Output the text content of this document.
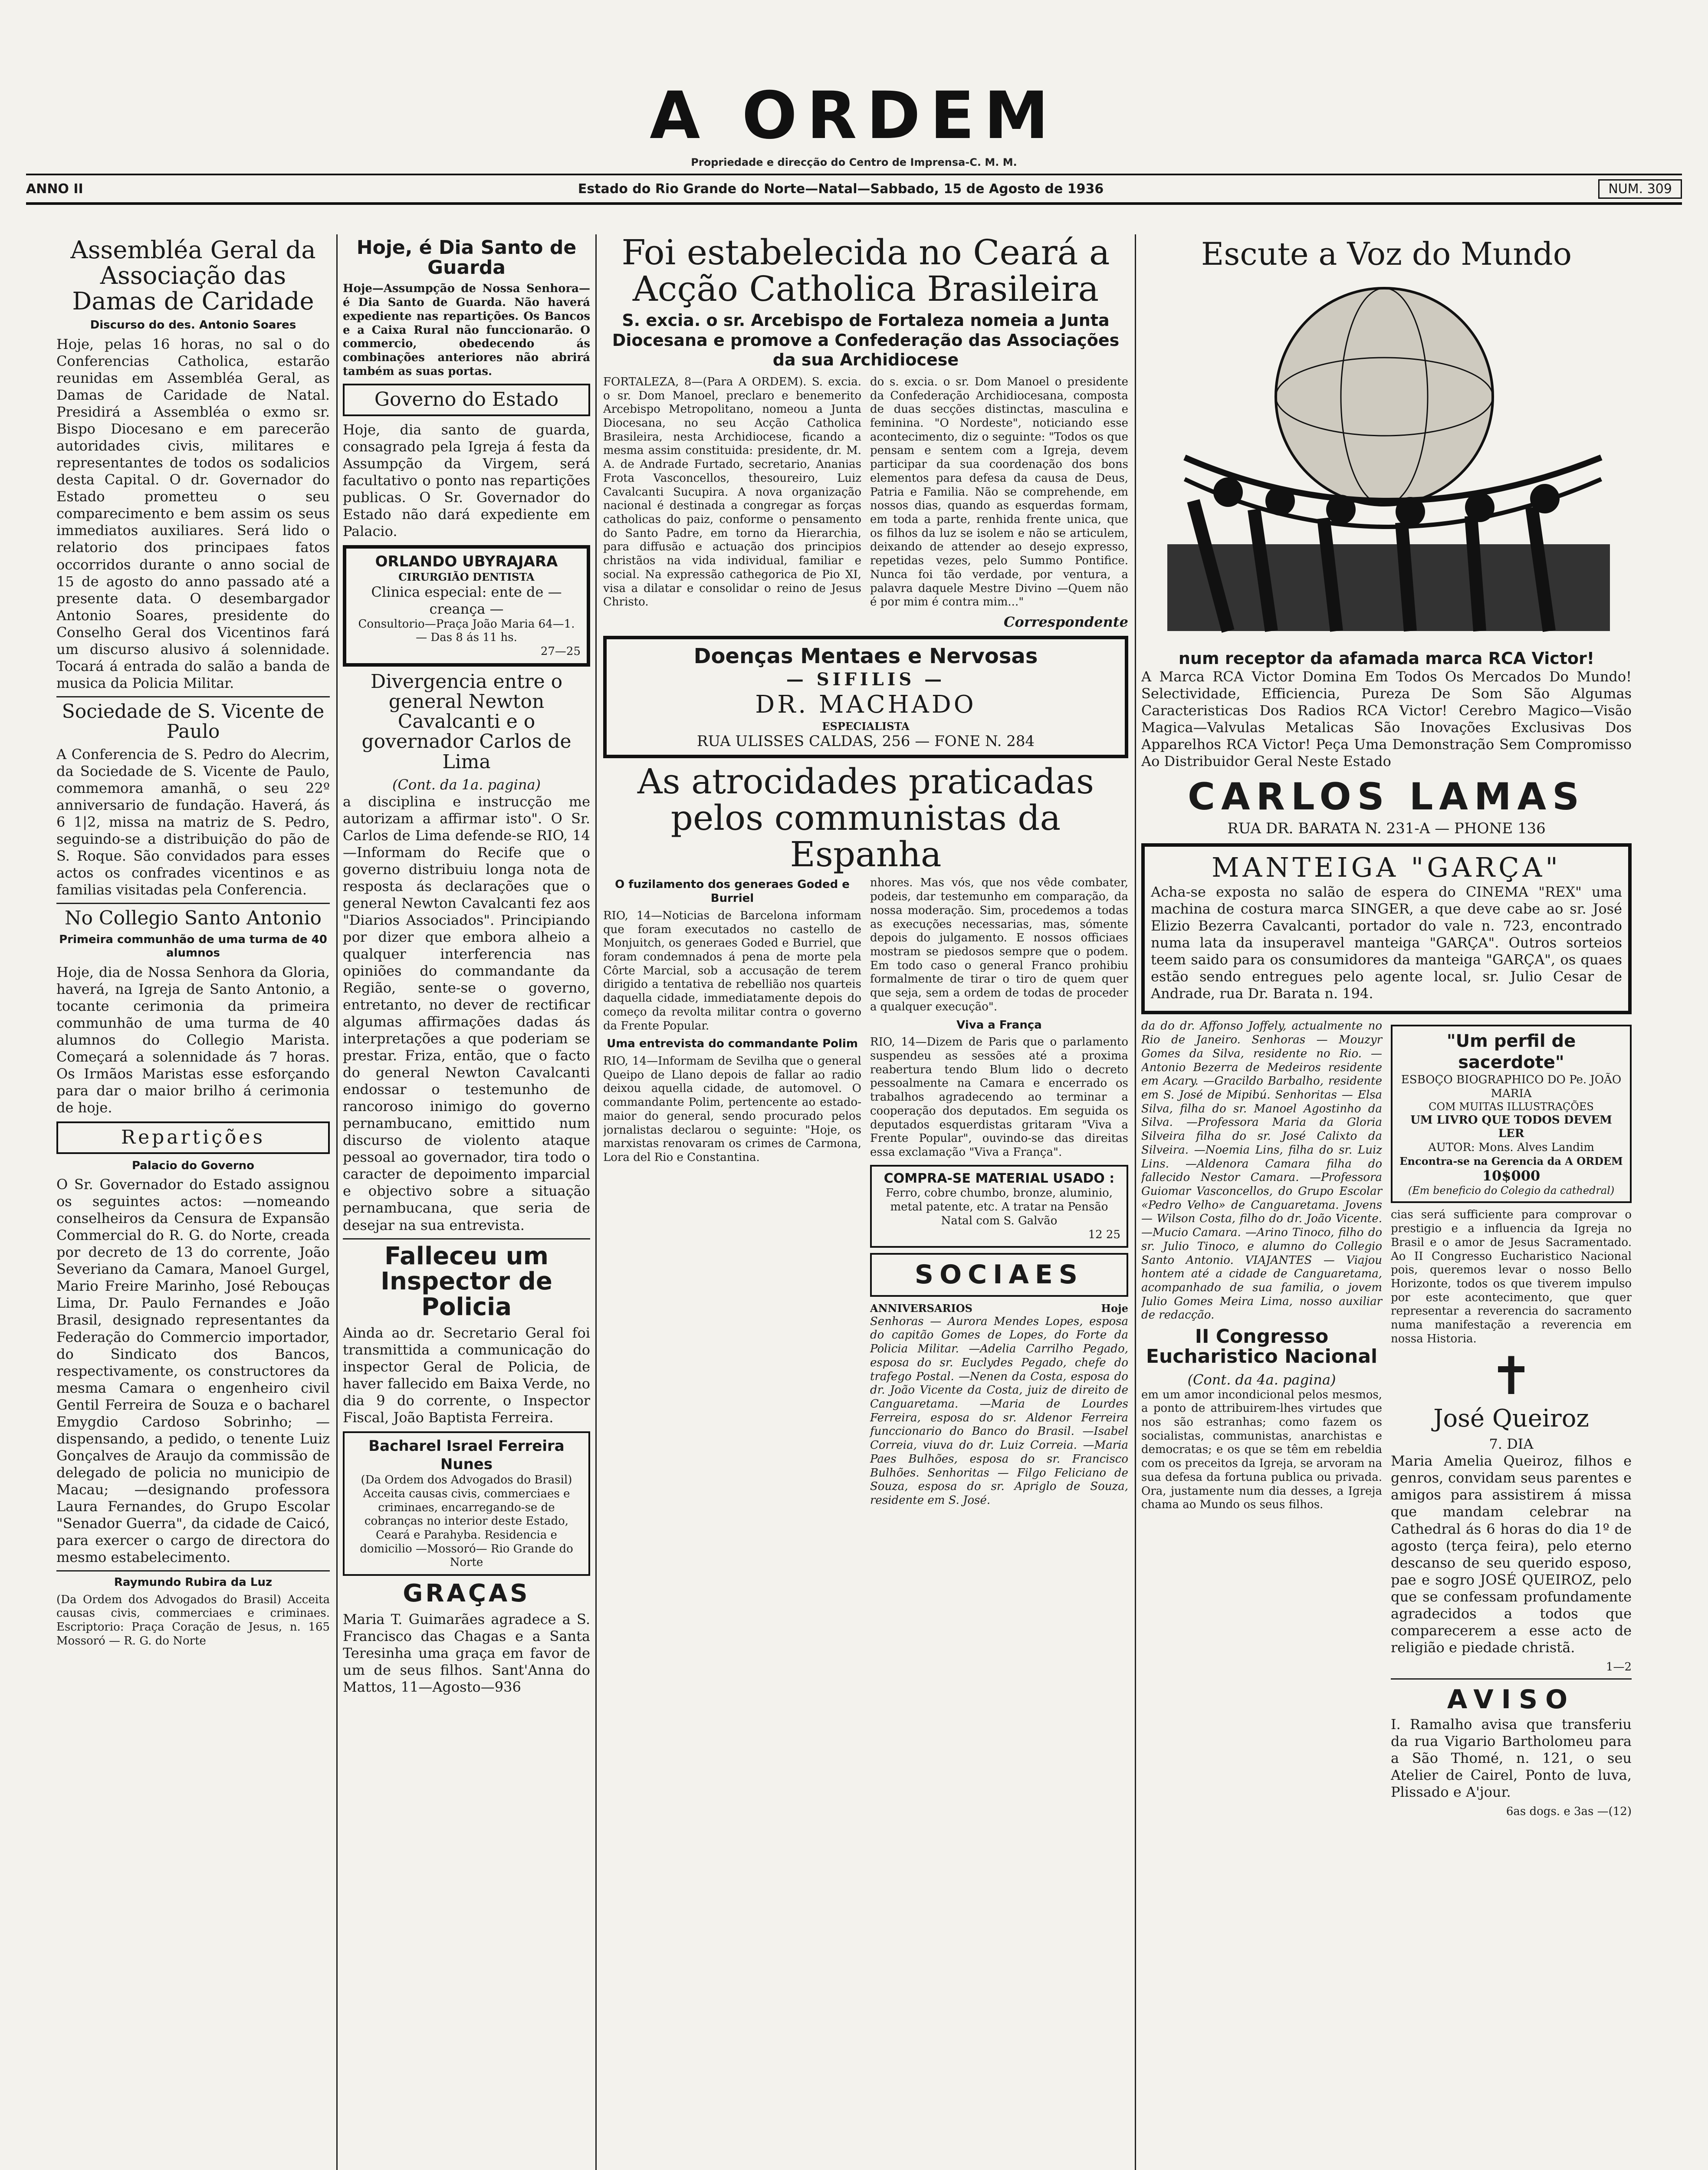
A ORDEM
Propriedade e direcção do Centro de Imprensa-C. M. M.
ANNO II	Estado do Rio Grande do Norte—Natal—Sabbado, 15 de Agosto de 1936	NUM. 309
Assembléa Geral da Associação das Damas de Caridade
Discurso do des. Antonio Soares

Hoje, pelas 16 horas, no sal o do Conferencias Catholica, estarão reunidas em Assembléa Geral, as Damas de Caridade de Natal. Presidirá a Assembléa o exmo sr. Bispo Diocesano e em parecerão autoridades civis, militares e representantes de todos os sodalicios desta Capital. O dr. Governador do Estado prometteu o seu comparecimento e bem assim os seus immediatos auxiliares. Será lido o relatorio dos principaes fatos occorridos durante o anno social de 15 de agosto do anno passado até a presente data. O desembargador Antonio Soares, presidente do Conselho Geral dos Vicentinos fará um discurso alusivo á solennidade. Tocará á entrada do salão a banda de musica da Policia Militar.

Sociedade de S. Vicente de Paulo

A Conferencia de S. Pedro do Alecrim, da Sociedade de S. Vicente de Paulo, commemora amanhã, o seu 22º anniversario de fundação. Haverá, ás 6 1|2, missa na matriz de S. Pedro, seguindo-se a distribuição do pão de S. Roque. São convidados para esses actos os confrades vicentinos e as familias visitadas pela Conferencia.

No Collegio Santo Antonio
Primeira communhão de uma turma de 40 alumnos

Hoje, dia de Nossa Senhora da Gloria, haverá, na Igreja de Santo Antonio, a tocante cerimonia da primeira communhão de uma turma de 40 alumnos do Collegio Marista. Começará a solennidade ás 7 horas. Os Irmãos Maristas esse esforçando para dar o maior brilho á cerimonia de hoje.

Repartições
Palacio do Governo

O Sr. Governador do Estado assignou os seguintes actos: —nomeando conselheiros da Censura de Expansão Commercial do R. G. do Norte, creada por decreto de 13 do corrente, João Severiano da Camara, Manoel Gurgel, Mario Freire Marinho, José Rebouças Lima, Dr. Paulo Fernandes e João Brasil, designado representantes da Federação do Commercio importador, do Sindicato dos Bancos, respectivamente, os constructores da mesma Camara o engenheiro civil Gentil Ferreira de Souza e o bacharel Emygdio Cardoso Sobrinho; —dispensando, a pedido, o tenente Luiz Gonçalves de Araujo da commissão de delegado de policia no municipio de Macau; —designando professora Laura Fernandes, do Grupo Escolar "Senador Guerra", da cidade de Caicó, para exercer o cargo de directora do mesmo estabelecimento.

Raymundo Rubira da Luz

(Da Ordem dos Advogados do Brasil) Acceita causas civis, commerciaes e criminaes. Escriptorio: Praça Coração de Jesus, n. 165 Mossoró — R. G. do Norte

Hoje, é Dia Santo de Guarda

Hoje—Assumpção de Nossa Senhora—é Dia Santo de Guarda. Não haverá expediente nas repartições. Os Bancos e a Caixa Rural não funccionarão. O commercio, obedecendo ás combinações anteriores não abrirá também as suas portas.

Governo do Estado

Hoje, dia santo de guarda, consagrado pela Igreja á festa da Assumpção da Virgem, será facultativo o ponto nas repartições publicas. O Sr. Governador do Estado não dará expediente em Palacio.

ORLANDO UBYRAJARA
CIRURGIÃO DENTISTA
Clinica especial: ente de — creança —
Consultorio—Praça João Maria 64—1. — Das 8 ás 11 hs.
27—25
Divergencia entre o general Newton Cavalcanti e o governador Carlos de Lima
(Cont. da 1a. pagina)

a disciplina e instrucção me autorizam a affirmar isto". O Sr. Carlos de Lima defende-se RIO, 14—Informam do Recife que o governo distribuiu longa nota de resposta ás declarações que o general Newton Cavalcanti fez aos "Diarios Associados". Principiando por dizer que embora alheio a qualquer interferencia nas opiniões do commandante da Região, sente-se o governo, entretanto, no dever de rectificar algumas affirmações dadas ás interpretações a que poderiam se prestar. Friza, então, que o facto do general Newton Cavalcanti endossar o testemunho de rancoroso inimigo do governo pernambucano, emittido num discurso de violento ataque pessoal ao governador, tira todo o caracter de depoimento imparcial e objectivo sobre a situação pernambucana, que seria de desejar na sua entrevista.

Falleceu um Inspector de Policia

Ainda ao dr. Secretario Geral foi transmittida a communicação do inspector Geral de Policia, de haver fallecido em Baixa Verde, no dia 9 do corrente, o Inspector Fiscal, João Baptista Ferreira.

Bacharel Israel Ferreira Nunes
(Da Ordem dos Advogados do Brasil) Acceita causas civis, commerciaes e criminaes, encarregando-se de cobranças no interior deste Estado, Ceará e Parahyba. Residencia e domicilio —Mossoró— Rio Grande do Norte
GRAÇAS

Maria T. Guimarães agradece a S. Francisco das Chagas e a Santa Teresinha uma graça em favor de um de seus filhos. Sant'Anna do Mattos, 11—Agosto—936

Foi estabelecida no Ceará a Acção Catholica Brasileira
S. excia. o sr. Arcebispo de Fortaleza nomeia a Junta Diocesana e promove a Confederação das Associações da sua Archidiocese

FORTALEZA, 8—(Para A ORDEM). S. excia. o sr. Dom Manoel, preclaro e benemerito Arcebispo Metropolitano, nomeou a Junta Diocesana, no seu Acção Catholica Brasileira, nesta Archidiocese, ficando a mesma assim constituida: presidente, dr. M. A. de Andrade Furtado, secretario, Ananias Frota Vasconcellos, thesoureiro, Luiz Cavalcanti Sucupira. A nova organização nacional é destinada a congregar as forças catholicas do paiz, conforme o pensamento do Santo Padre, em torno da Hierarchia, para diffusão e actuação dos principios christãos na vida individual, familiar e social. Na expressão cathegorica de Pio XI, visa a dilatar e consolidar o reino de Jesus Christo.

do s. excia. o sr. Dom Manoel o presidente da Confederação Archidiocesana, composta de duas secções distinctas, masculina e feminina. "O Nordeste", noticiando esse acontecimento, diz o seguinte: "Todos os que pensam e sentem com a Igreja, devem participar da sua coordenação dos bons elementos para defesa da causa de Deus, Patria e Familia. Não se comprehende, em nossos dias, quando as esquerdas formam, em toda a parte, renhida frente unica, que os filhos da luz se isolem e não se articulem, deixando de attender ao desejo expresso, repetidas vezes, pelo Summo Pontifice. Nunca foi tão verdade, por ventura, a palavra daquele Mestre Divino —Quem não é por mim é contra mim..."

Correspondente
Doenças Mentaes e Nervosas
— SIFILIS —
DR. MACHADO
ESPECIALISTA
RUA ULISSES CALDAS, 256 — FONE N. 284
As atrocidades praticadas pelos communistas da Espanha
O fuzilamento dos generaes Goded e Burriel

RIO, 14—Noticias de Barcelona informam que foram executados no castello de Monjuitch, os generaes Goded e Burriel, que foram condemnados á pena de morte pela Côrte Marcial, sob a accusação de terem dirigido a tentativa de rebellião nos quarteis daquella cidade, immediatamente depois do começo da revolta militar contra o governo da Frente Popular.

Uma entrevista do commandante Polim

RIO, 14—Informam de Sevilha que o general Queipo de Llano depois de fallar ao radio deixou aquella cidade, de automovel. O commandante Polim, pertencente ao estado-maior do general, sendo procurado pelos jornalistas declarou o seguinte: "Hoje, os marxistas renovaram os crimes de Carmona, Lora del Rio e Constantina.

nhores. Mas vós, que nos vêde combater, podeis, dar testemunho em comparação, da nossa moderação. Sim, procedemos a todas as execuções necessarias, mas, sómente depois do julgamento. E nossos officiaes mostram se piedosos sempre que o podem. Em todo caso o general Franco prohibiu formalmente de tirar o tiro de quem quer que seja, sem a ordem de todas de proceder a qualquer execução".

Viva a França

RIO, 14—Dizem de Paris que o parlamento suspendeu as sessões até a proxima reabertura tendo Blum lido o decreto pessoalmente na Camara e encerrado os trabalhos agradecendo ao terminar a cooperação dos deputados. Em seguida os deputados esquerdistas gritaram "Viva a Frente Popular", ouvindo-se das direitas essa exclamação "Viva a França".

COMPRA-SE MATERIAL USADO :
Ferro, cobre chumbo, bronze, aluminio, metal patente, etc. A tratar na Pensão Natal com S. Galvão
12 25
SOCIAES
ANNIVERSARIOS	Hoje

Senhoras — Aurora Mendes Lopes, esposa do capitão Gomes de Lopes, do Forte da Policia Militar. —Adelia Carrilho Pegado, esposa do sr. Euclydes Pegado, chefe do trafego Postal. —Nenen da Costa, esposa do dr. João Vicente da Costa, juiz de direito de Canguaretama. —Maria de Lourdes Ferreira, esposa do sr. Aldenor Ferreira funccionario do Banco do Brasil. —Isabel Correia, viuva do dr. Luiz Correia. —Maria Paes Bulhões, esposa do sr. Francisco Bulhões. Senhoritas — Filgo Feliciano de Souza, esposa do sr. Apriglo de Souza, residente em S. José.

Escute a Voz do Mundo
num receptor da afamada marca RCA Victor!

A Marca RCA Victor Domina Em Todos Os Mercados Do Mundo! Selectividade, Efficiencia, Pureza De Som São Algumas Caracteristicas Dos Radios RCA Victor! Cerebro Magico—Visão Magica—Valvulas Metalicas São Inovações Exclusivas Dos Apparelhos RCA Victor! Peça Uma Demonstração Sem Compromisso Ao Distribuidor Geral Neste Estado

CARLOS LAMAS
RUA DR. BARATA N. 231-A — PHONE 136
MANTEIGA "GARÇA"

Acha-se exposta no salão de espera do CINEMA "REX" uma machina de costura marca SINGER, a que deve cabe ao sr. José Elizio Bezerra Cavalcanti, portador do vale n. 723, encontrado numa lata da insuperavel manteiga "GARÇA". Outros sorteios teem saido para os consumidores da manteiga "GARÇA", os quaes estão sendo entregues pelo agente local, sr. Julio Cesar de Andrade, rua Dr. Barata n. 194.

da do dr. Affonso Joffely, actualmente no Rio de Janeiro. Senhoras — Mouzyr Gomes da Silva, residente no Rio. —Antonio Bezerra de Medeiros residente em Acary. —Gracildo Barbalho, residente em S. José de Mipibú. Senhoritas — Elsa Silva, filha do sr. Manoel Agostinho da Silva. —Professora Maria da Gloria Silveira filha do sr. José Calixto da Silveira. —Noemia Lins, filha do sr. Luiz Lins. —Aldenora Camara filha do fallecido Nestor Camara. —Professora Guiomar Vasconcellos, do Grupo Escolar «Pedro Velho» de Canguaretama. Jovens — Wilson Costa, filho do dr. João Vicente. —Mucio Camara. —Arino Tinoco, filho do sr. Julio Tinoco, e alumno do Collegio Santo Antonio. VIAJANTES — Viajou hontem até a cidade de Canguaretama, acompanhado de sua familia, o jovem Julio Gomes Meira Lima, nosso auxiliar de redacção.

II Congresso Eucharistico Nacional
(Cont. da 4a. pagina)

em um amor incondicional pelos mesmos, a ponto de attribuirem-lhes virtudes que nos são estranhas; como fazem os socialistas, communistas, anarchistas e democratas; e os que se têm em rebeldia com os preceitos da Igreja, se arvoram na sua defesa da fortuna publica ou privada. Ora, justamente num dia desses, a Igreja chama ao Mundo os seus filhos.

"Um perfil de sacerdote"
ESBOÇO BIOGRAPHICO DO Pe. JOÃO MARIA
COM MUITAS ILLUSTRAÇÕES
UM LIVRO QUE TODOS DEVEM LER
AUTOR: Mons. Alves Landim
Encontra-se na Gerencia da A ORDEM
10$000
(Em beneficio do Colegio da cathedral)

cias será sufficiente para comprovar o prestigio e a influencia da Igreja no Brasil e o amor de Jesus Sacramentado. Ao II Congresso Eucharistico Nacional pois, queremos levar o nosso Bello Horizonte, todos os que tiverem impulso por este acontecimento, que quer representar a reverencia do sacramento numa manifestação a reverencia em nossa Historia.

✝
José Queiroz
7. DIA

Maria Amelia Queiroz, filhos e genros, convidam seus parentes e amigos para assistirem á missa que mandam celebrar na Cathedral ás 6 horas do dia 1º de agosto (terça feira), pelo eterno descanso de seu querido esposo, pae e sogro JOSÉ QUEIROZ, pelo que se confessam profundamente agradecidos a todos que comparecerem a esse acto de religião e piedade christã.

1—2
AVISO

I. Ramalho avisa que transferiu da rua Vigario Bartholomeu para a São Thomé, n. 121, o seu Atelier de Cairel, Ponto de luva, Plissado e A'jour.

6as dogs. e 3as —(12)
